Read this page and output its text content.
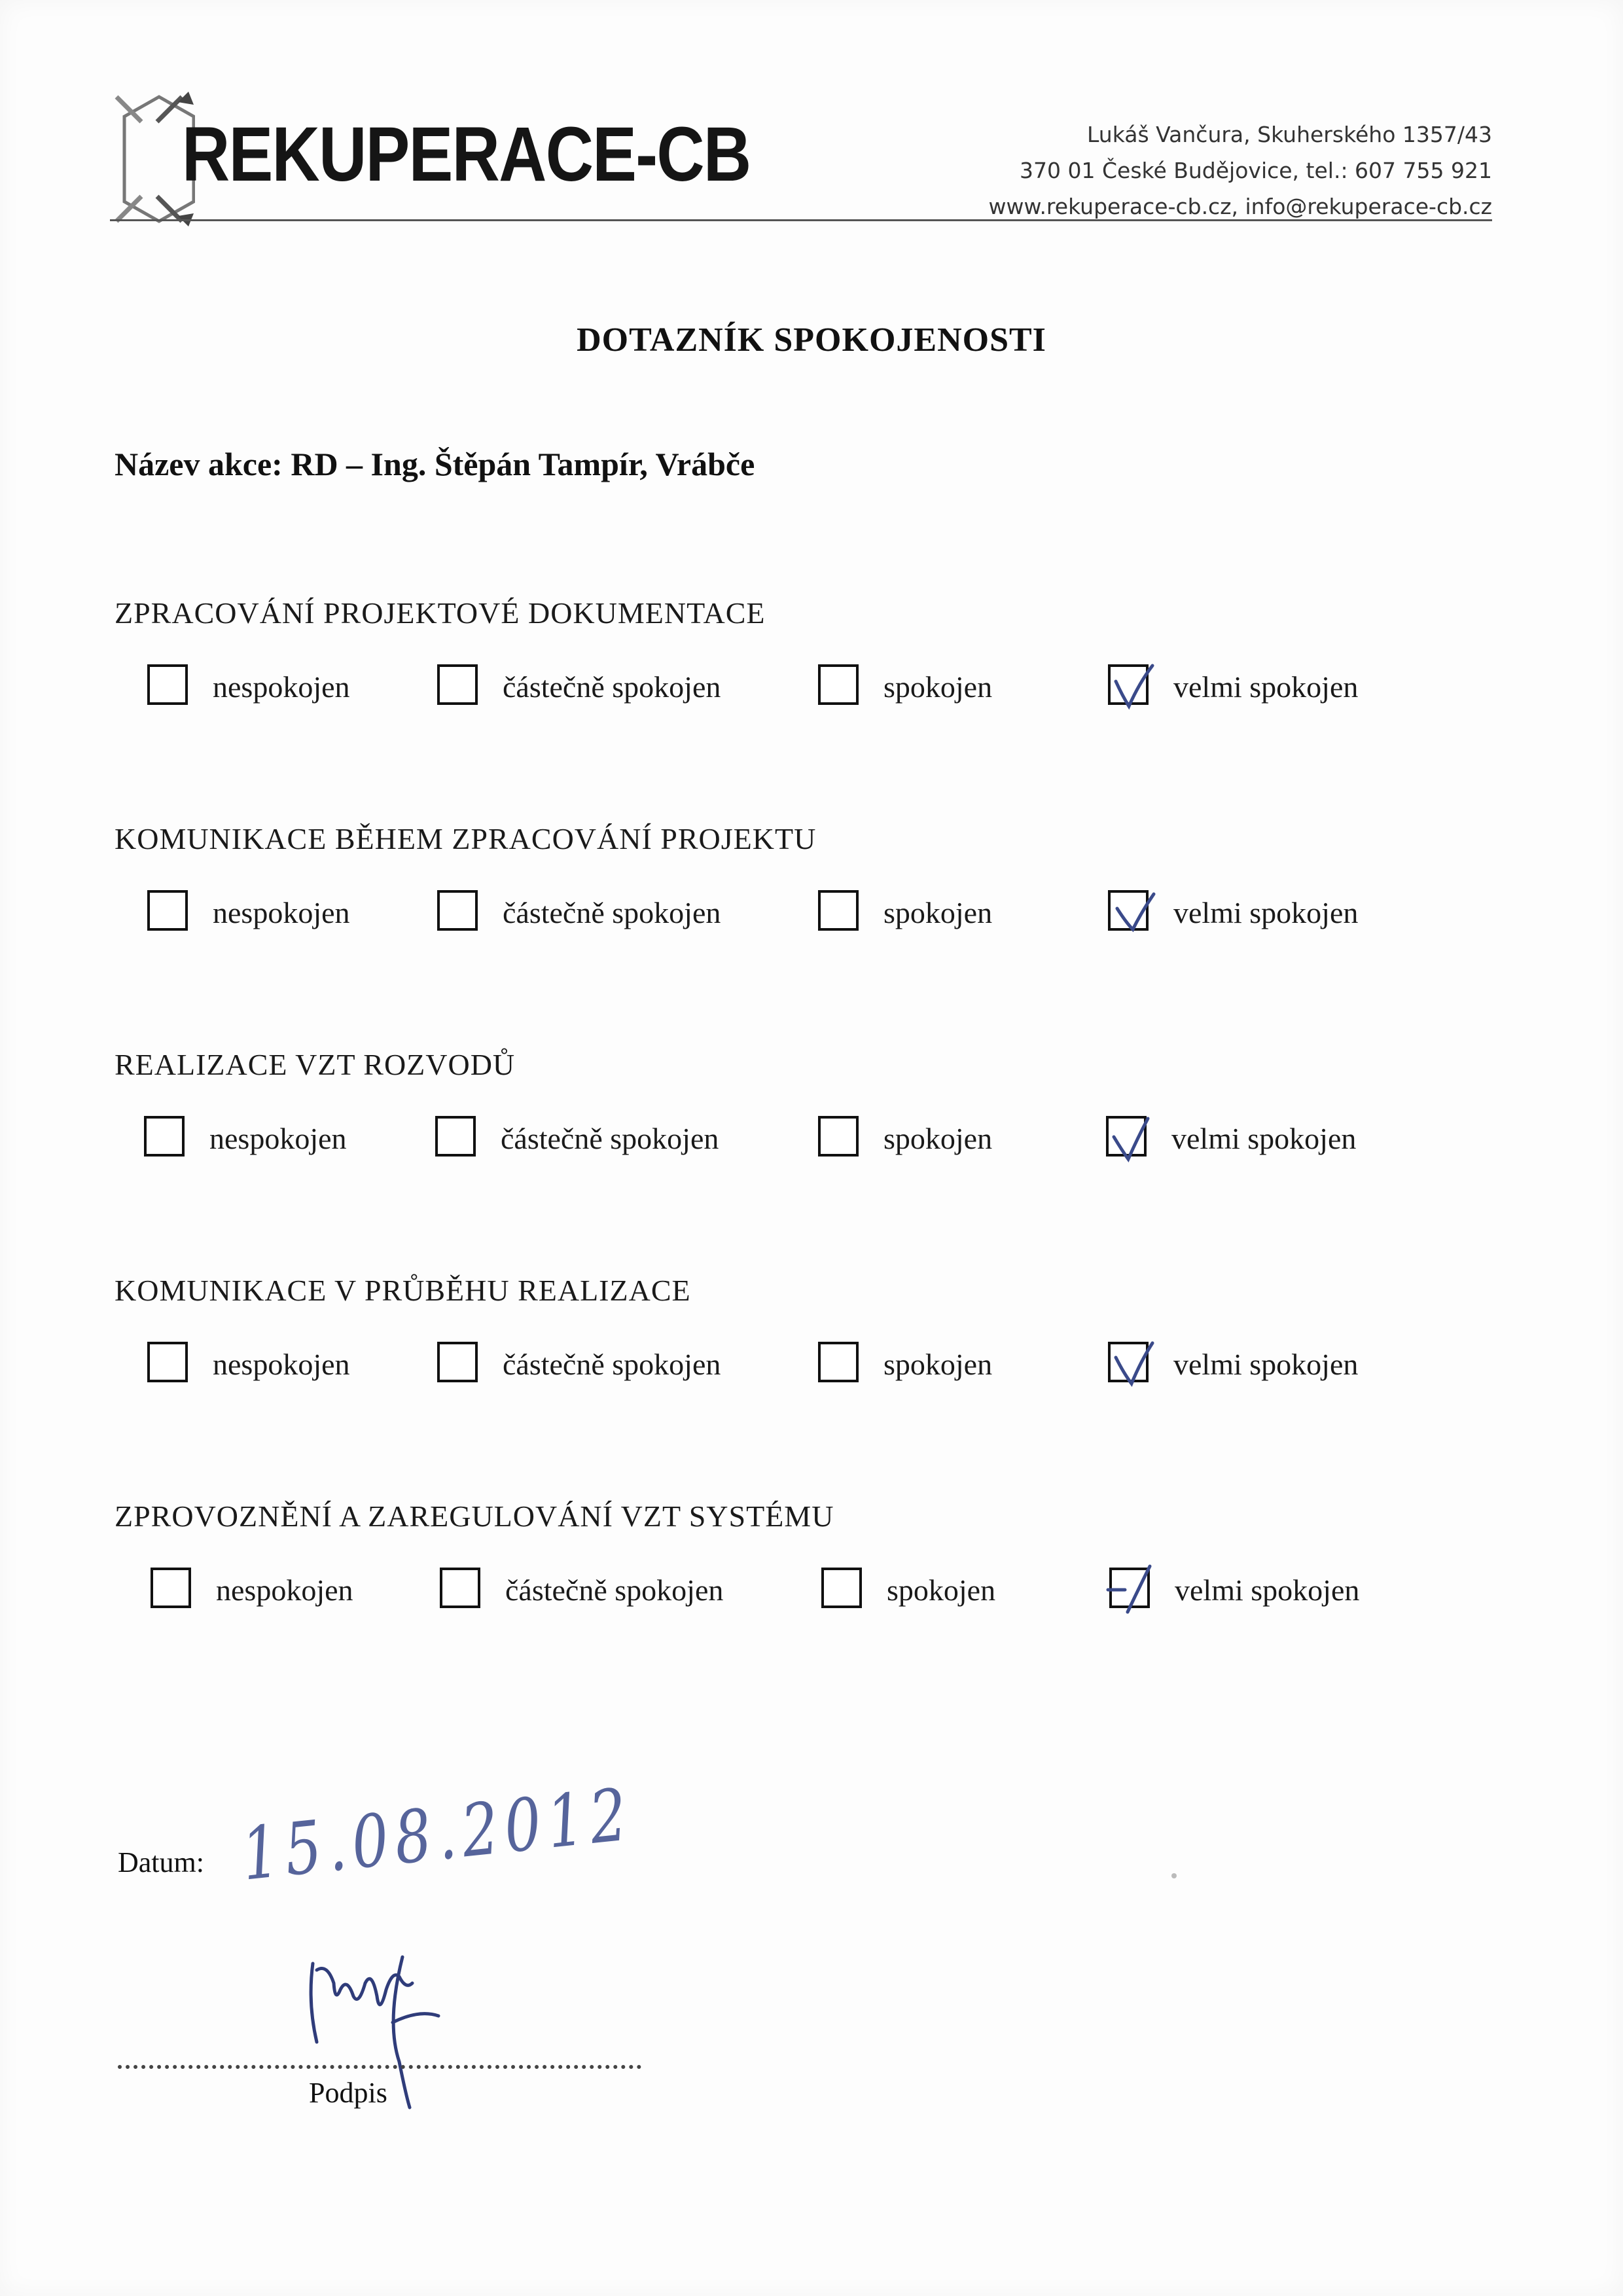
REKUPERACE-CB	Lukáš Vančura, Skuherského 1357/43
370 01 České Budějovice, tel.: 607 755 921
www.rekuperace-cb.cz, info@rekuperace-cb.cz
DOTAZNÍK SPOKOJENOSTI
Název akce: RD – Ing. Štěpán Tampír, Vrábče
ZPRACOVÁNÍ PROJEKTOVÉ DOKUMENTACE
nespokojen	částečně spokojen	spokojen	velmi spokojen
KOMUNIKACE BĚHEM ZPRACOVÁNÍ PROJEKTU
nespokojen	částečně spokojen	spokojen	velmi spokojen
REALIZACE VZT ROZVODŮ
nespokojen	částečně spokojen	spokojen	velmi spokojen
KOMUNIKACE V PRŮBĚHU REALIZACE
nespokojen	částečně spokojen	spokojen	velmi spokojen
ZPROVOZNĚNÍ A ZAREGULOVÁNÍ VZT SYSTÉMU
nespokojen	částečně spokojen	spokojen	velmi spokojen
Datum: 15.08.2012
Podpis
